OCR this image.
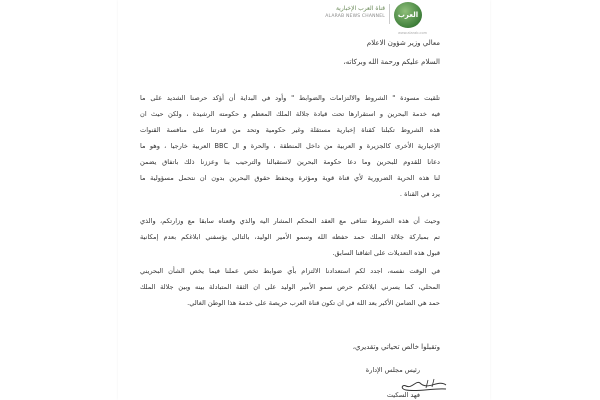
العرب
قناة العرب الإخبارية
ALARAB NEWS CHANNEL
www.alarab.com
معالي وزير شؤون الاعلام
السلام عليكم ورحمة الله وبركاته،
تلقيت مسودة " الشروط والالتزامات والضوابط " وأود في البداية أن أؤكد حرصنا الشديد على ما
فيه خدمة البحرين و استقرارها تحت قيادة جلالة الملك المعظم و حكومته الرشيدة ، ولكن حيث ان
هذه الشروط تكبلنا كقناة إخبارية مستقلة وغير حكومية وتحد من قدرتنا على منافسة القنوات
الإخبارية الأخرى كالجزيرة و العربية من داخل المنطقة ، والحرة و ال BBC العربية خارجيا ، وهو ما
دعانا للقدوم للبحرين وما دعا حكومة البحرين لاستقبالنا والترحيب بنا وعززنا ذلك باتفاق يضمن
لنا هذه الحرية الضرورية لأي قناة قوية ومؤثرة ويحفظ حقوق البحرين بدون ان نتحمل مسؤولية ما
يرد في القناة .
وحيث أن هذه الشروط تتنافى مع العقد المحكم المشار اليه والذي وقعناه سابقا مع وزارتكم، والذي
تم بمباركة جلالة الملك حمد حفظه الله وسمو الأمير الوليد، بالتالي يؤسفني ابلاغكم بعدم إمكانية
قبول هذه التعديلات على اتفاقنا السابق.
في الوقت نفسه، اجدد لكم استعدادنا الالتزام بأي ضوابط تخص عملنا فيما يخص الشأن البحريني
المحلي، كما يسرني ابلاغكم حرص سمو الأمير الوليد على ان الثقة المتبادلة بينه وبين جلالة الملك
حمد هي الضامن الأكبر بعد الله في ان تكون قناة العرب حريصة على خدمة هذا الوطن الغالي.
وتقبلوا خالص تحياتي وتقديري،
رئيس مجلس الإدارة
فهد السكيت
